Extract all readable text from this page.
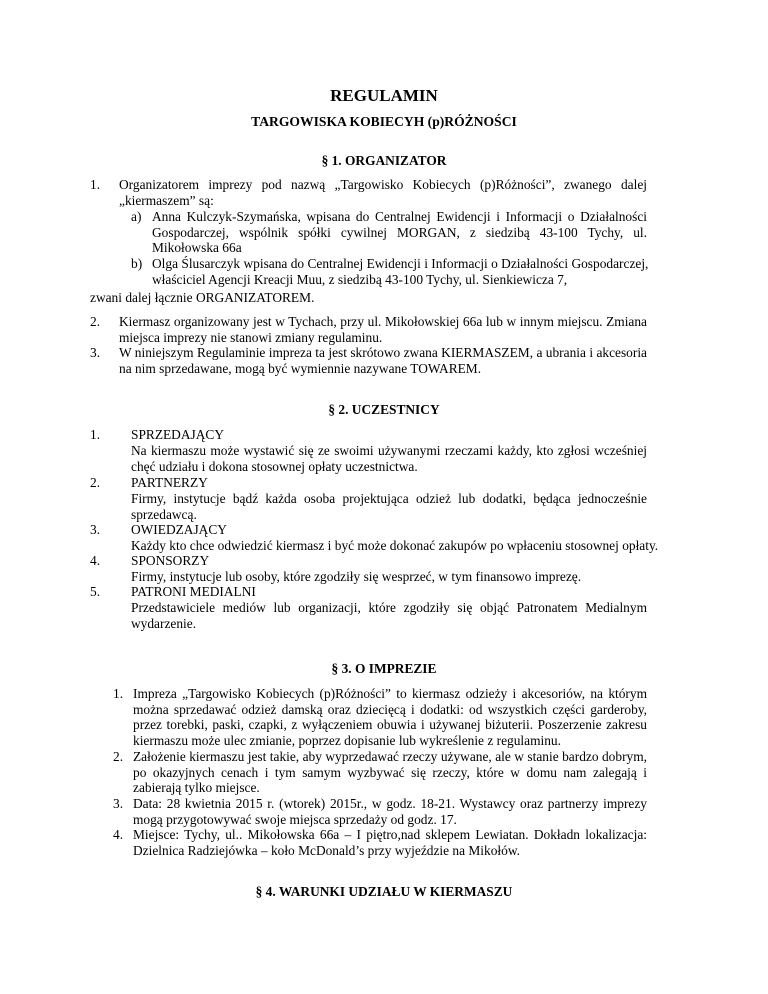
REGULAMIN
TARGOWISKA KOBIECYH (p)RÓŻNOŚCI
§ 1. ORGANIZATOR
1. Organizatorem imprezy pod nazwą „Targowisko Kobiecych (p)Różności”, zwanego dalej „kiermaszem” są:
a) Anna Kulczyk-Szymańska, wpisana do Centralnej Ewidencji i Informacji o Działalności Gospodarczej, wspólnik spółki cywilnej MORGAN, z siedzibą 43-100 Tychy, ul. Mikołowska 66a
b) Olga Ślusarczyk wpisana do Centralnej Ewidencji i Informacji o Działalności Gospodarczej, właściciel Agencji Kreacji Muu, z siedzibą 43-100 Tychy, ul. Sienkiewicza 7,
zwani dalej łącznie ORGANIZATOREM.
2. Kiermasz organizowany jest w Tychach, przy ul. Mikołowskiej 66a lub w innym miejscu. Zmiana miejsca imprezy nie stanowi zmiany regulaminu.
3. W niniejszym Regulaminie impreza ta jest skrótowo zwana KIERMASZEM, a ubrania i akcesoria na nim sprzedawane, mogą być wymiennie nazywane TOWAREM.
§ 2. UCZESTNICY
1. SPRZEDAJĄCY
Na kiermaszu może wystawić się ze swoimi używanymi rzeczami każdy, kto zgłosi wcześniej chęć udziału i dokona stosownej opłaty uczestnictwa.
2. PARTNERZY
Firmy, instytucje bądź każda osoba projektująca odzież lub dodatki, będąca jednocześnie sprzedawcą.
3. OWIEDZAJĄCY
Każdy kto chce odwiedzić kiermasz i być może dokonać zakupów po wpłaceniu stosownej opłaty.
4. SPONSORZY
Firmy, instytucje lub osoby, które zgodziły się wesprzeć, w tym finansowo imprezę.
5. PATRONI MEDIALNI
Przedstawiciele mediów lub organizacji, które zgodziły się objąć Patronatem Medialnym wydarzenie.
§ 3. O IMPREZIE
1. Impreza „Targowisko Kobiecych (p)Różności” to kiermasz odzieży i akcesoriów, na którym można sprzedawać odzież damską oraz dziecięcą i dodatki: od wszystkich części garderoby, przez torebki, paski, czapki, z wyłączeniem obuwia i używanej biżuterii. Poszerzenie zakresu kiermaszu może ulec zmianie, poprzez dopisanie lub wykreślenie z regulaminu.
2. Założenie kiermaszu jest takie, aby wyprzedawać rzeczy używane, ale w stanie bardzo dobrym, po okazyjnych cenach i tym samym wyzbywać się rzeczy, które w domu nam zalegają i zabierają tylko miejsce.
3. Data: 28 kwietnia 2015 r. (wtorek) 2015r., w godz. 18-21. Wystawcy oraz partnerzy imprezy mogą przygotowywać swoje miejsca sprzedaży od godz. 17.
4. Miejsce: Tychy, ul.. Mikołowska 66a – I piętro,nad sklepem Lewiatan. Dokładn lokalizacja: Dzielnica Radziejówka – koło McDonald’s przy wyjeździe na Mikołów.
§ 4. WARUNKI UDZIAŁU W KIERMASZU
